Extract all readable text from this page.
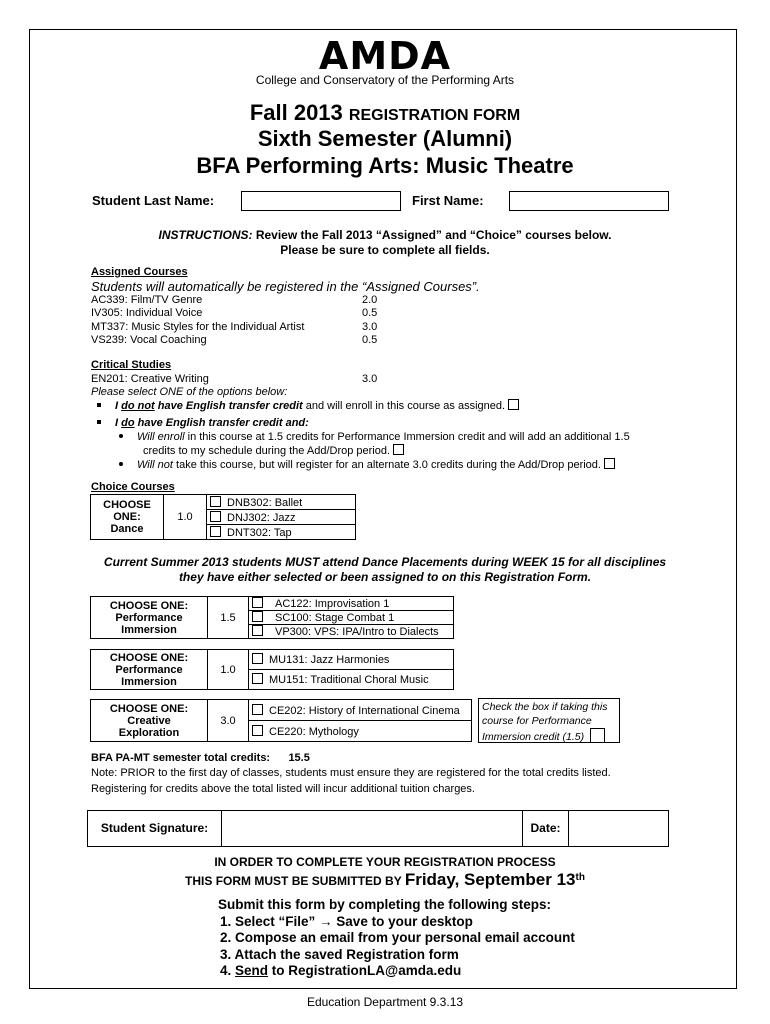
AMDA
College and Conservatory of the Performing Arts
Fall 2013 REGISTRATION FORM
Sixth Semester (Alumni)
BFA Performing Arts: Music Theatre
Student Last Name:	First Name:
INSTRUCTIONS: Review the Fall 2013 “Assigned” and “Choice” courses below.
Please be sure to complete all fields.
Assigned Courses
Students will automatically be registered in the “Assigned Courses”.
AC339: Film/TV Genre	2.0
IV305: Individual Voice	0.5
MT337: Music Styles for the Individual Artist	3.0
VS239: Vocal Coaching	0.5
Critical Studies
EN201: Creative Writing	3.0
Please select ONE of the options below:
I do not have English transfer credit and will enroll in this course as assigned.
I do have English transfer credit and:
Will enroll in this course at 1.5 credits for Performance Immersion credit and will add an additional 1.5
credits to my schedule during the Add/Drop period.
Will not take this course, but will register for an alternate 3.0 credits during the Add/Drop period.
Choice Courses
CHOOSE ONE:
Dance	1.0	DNB302: Ballet
DNJ302: Jazz
DNT302: Tap
Current Summer 2013 students MUST attend Dance Placements during WEEK 15 for all disciplines
they have either selected or been assigned to on this Registration Form.
CHOOSE ONE:
Performance
Immersion	1.5	AC122: Improvisation 1
SC100: Stage Combat 1
VP300: VPS: IPA/Intro to Dialects
CHOOSE ONE:
Performance
Immersion	1.0	MU131: Jazz Harmonies
MU151: Traditional Choral Music
CHOOSE ONE:
Creative
Exploration	3.0	CE202: History of International Cinema
CE220: Mythology
Check the box if taking this
course for Performance
Immersion credit (1.5)
BFA PA-MT semester total credits: 15.5
Note: PRIOR to the first day of classes, students must ensure they are registered for the total credits listed.
Registering for credits above the total listed will incur additional tuition charges.
Student Signature:	Date:
IN ORDER TO COMPLETE YOUR REGISTRATION PROCESS
THIS FORM MUST BE SUBMITTED BY Friday, September 13th
Submit this form by completing the following steps:
1. Select “File” → Save to your desktop
2. Compose an email from your personal email account
3. Attach the saved Registration form
4. Send to RegistrationLA@amda.edu
Education Department 9.3.13
